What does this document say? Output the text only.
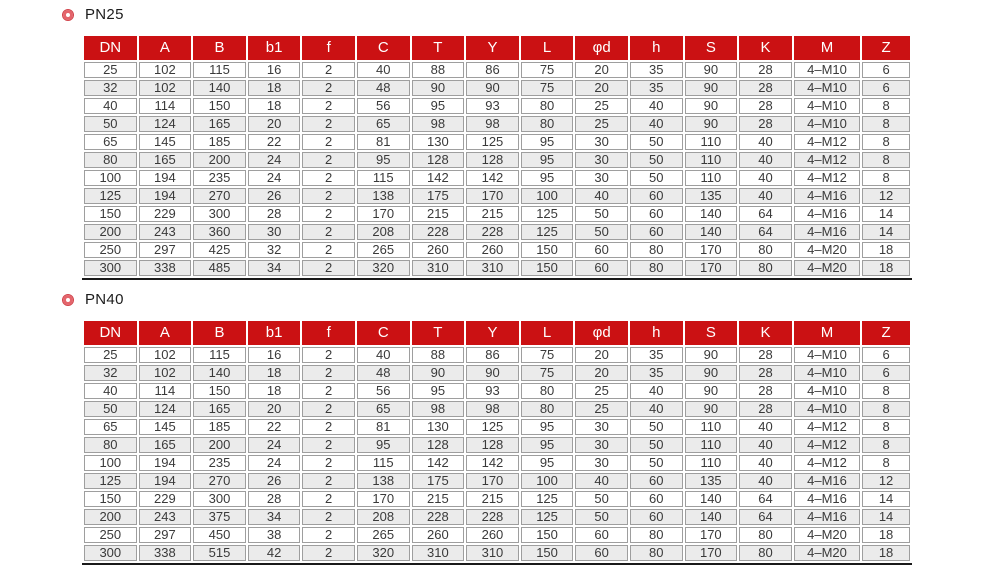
PN25
DN	A	B	b1	f	C	T	Y	L	φd	h	S	K	M	Z
25	102	115	16	2	40	88	86	75	20	35	90	28	4–M10	6
32	102	140	18	2	48	90	90	75	20	35	90	28	4–M10	6
40	114	150	18	2	56	95	93	80	25	40	90	28	4–M10	8
50	124	165	20	2	65	98	98	80	25	40	90	28	4–M10	8
65	145	185	22	2	81	130	125	95	30	50	110	40	4–M12	8
80	165	200	24	2	95	128	128	95	30	50	110	40	4–M12	8
100	194	235	24	2	115	142	142	95	30	50	110	40	4–M12	8
125	194	270	26	2	138	175	170	100	40	60	135	40	4–M16	12
150	229	300	28	2	170	215	215	125	50	60	140	64	4–M16	14
200	243	360	30	2	208	228	228	125	50	60	140	64	4–M16	14
250	297	425	32	2	265	260	260	150	60	80	170	80	4–M20	18
300	338	485	34	2	320	310	310	150	60	80	170	80	4–M20	18
PN40
DN	A	B	b1	f	C	T	Y	L	φd	h	S	K	M	Z
25	102	115	16	2	40	88	86	75	20	35	90	28	4–M10	6
32	102	140	18	2	48	90	90	75	20	35	90	28	4–M10	6
40	114	150	18	2	56	95	93	80	25	40	90	28	4–M10	8
50	124	165	20	2	65	98	98	80	25	40	90	28	4–M10	8
65	145	185	22	2	81	130	125	95	30	50	110	40	4–M12	8
80	165	200	24	2	95	128	128	95	30	50	110	40	4–M12	8
100	194	235	24	2	115	142	142	95	30	50	110	40	4–M12	8
125	194	270	26	2	138	175	170	100	40	60	135	40	4–M16	12
150	229	300	28	2	170	215	215	125	50	60	140	64	4–M16	14
200	243	375	34	2	208	228	228	125	50	60	140	64	4–M16	14
250	297	450	38	2	265	260	260	150	60	80	170	80	4–M20	18
300	338	515	42	2	320	310	310	150	60	80	170	80	4–M20	18
